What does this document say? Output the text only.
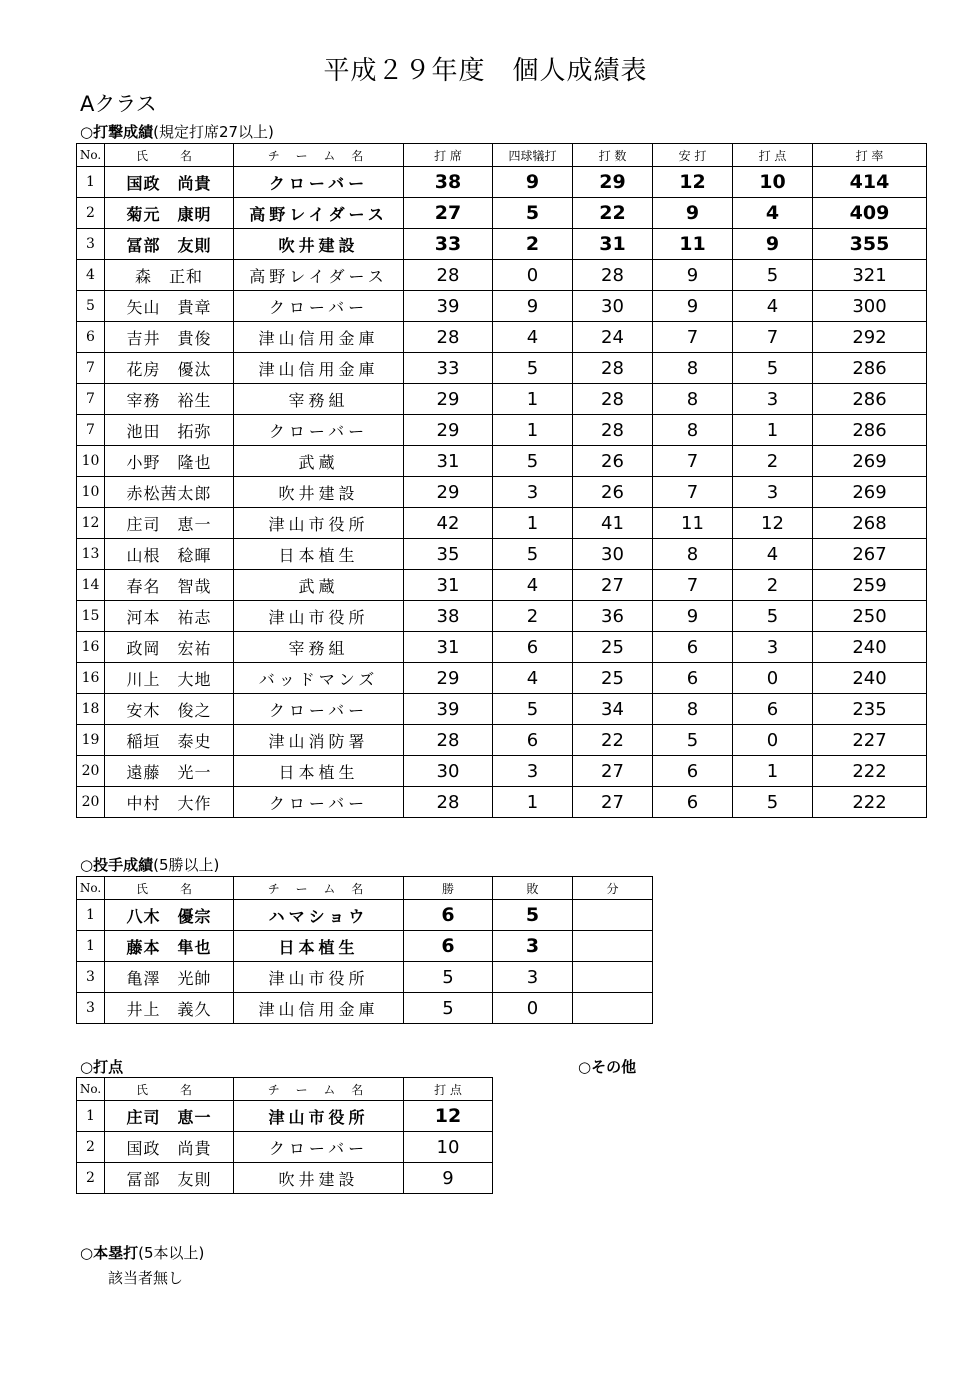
平成２９年度　個人成績表
Aクラス
○打撃成績(規定打席27以上)
No.	氏　名	チ ー ム 名	打 席	四球犠打	打 数	安 打	打 点	打 率
1	国政　尚貴	クローバー	38	9	29	12	10	414
2	菊元　康明	高野レイダース	27	5	22	9	4	409
3	冨部　友則	吹井建設	33	2	31	11	9	355
4	森　正和	高野レイダース	28	0	28	9	5	321
5	矢山　貴章	クローバー	39	9	30	9	4	300
6	吉井　貴俊	津山信用金庫	28	4	24	7	7	292
7	花房　優汰	津山信用金庫	33	5	28	8	5	286
7	宰務　裕生	宰務組	29	1	28	8	3	286
7	池田　拓弥	クローバー	29	1	28	8	1	286
10	小野　隆也	武蔵	31	5	26	7	2	269
10	赤松茜太郎	吹井建設	29	3	26	7	3	269
12	庄司　恵一	津山市役所	42	1	41	11	12	268
13	山根　稔暉	日本植生	35	5	30	8	4	267
14	春名　智哉	武蔵	31	4	27	7	2	259
15	河本　祐志	津山市役所	38	2	36	9	5	250
16	政岡　宏祐	宰務組	31	6	25	6	3	240
16	川上　大地	バッドマンズ	29	4	25	6	0	240
18	安木　俊之	クローバー	39	5	34	8	6	235
19	稲垣　泰史	津山消防署	28	6	22	5	0	227
20	遠藤　光一	日本植生	30	3	27	6	1	222
20	中村　大作	クローバー	28	1	27	6	5	222
○投手成績(5勝以上)
No.	氏　名	チ ー ム 名	勝	敗	分
1	八木　優宗	ハマショウ	6	5	
1	藤本　隼也	日本植生	6	3	
3	亀澤　光帥	津山市役所	5	3	
3	井上　義久	津山信用金庫	5	0	
○打点	○その他
No.	氏　名	チ ー ム 名	打 点
1	庄司　恵一	津山市役所	12
2	国政　尚貴	クローバー	10
2	冨部　友則	吹井建設	9
○本塁打(5本以上)
該当者無し
